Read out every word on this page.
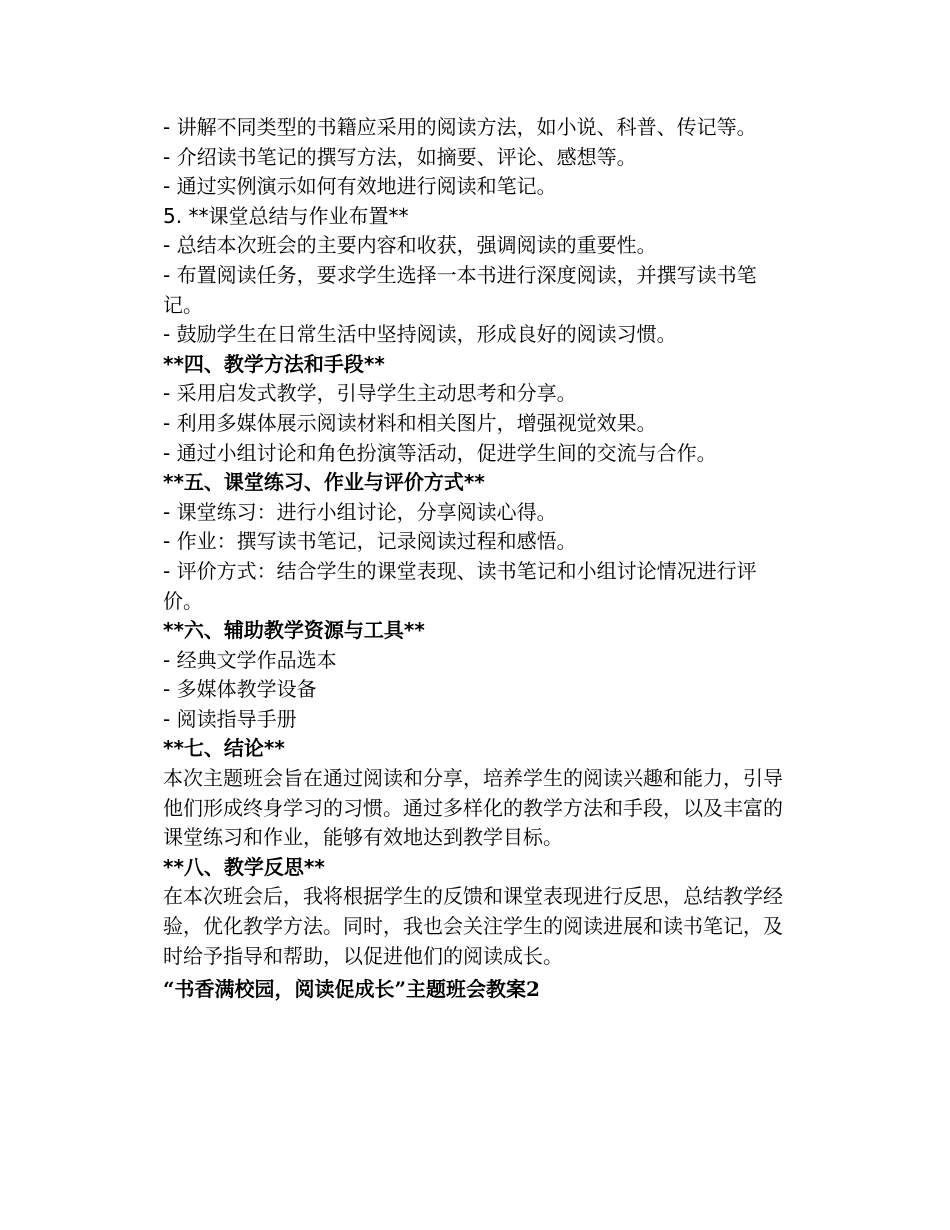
- 讲解不同类型的书籍应采用的阅读方法，如小说、科普、传记等。
- 介绍读书笔记的撰写方法，如摘要、评论、感想等。
- 通过实例演示如何有效地进行阅读和笔记。
5. **课堂总结与作业布置**
- 总结本次班会的主要内容和收获，强调阅读的重要性。
- 布置阅读任务，要求学生选择一本书进行深度阅读，并撰写读书笔记。
- 鼓励学生在日常生活中坚持阅读，形成良好的阅读习惯。
**四、教学方法和手段**
- 采用启发式教学，引导学生主动思考和分享。
- 利用多媒体展示阅读材料和相关图片，增强视觉效果。
- 通过小组讨论和角色扮演等活动，促进学生间的交流与合作。
**五、课堂练习、作业与评价方式**
- 课堂练习：进行小组讨论，分享阅读心得。
- 作业：撰写读书笔记，记录阅读过程和感悟。
- 评价方式：结合学生的课堂表现、读书笔记和小组讨论情况进行评价。
**六、辅助教学资源与工具**
- 经典文学作品选本
- 多媒体教学设备
- 阅读指导手册
**七、结论**
本次主题班会旨在通过阅读和分享，培养学生的阅读兴趣和能力，引导他们形成终身学习的习惯。通过多样化的教学方法和手段，以及丰富的课堂练习和作业，能够有效地达到教学目标。
**八、教学反思**
在本次班会后，我将根据学生的反馈和课堂表现进行反思，总结教学经验，优化教学方法。同时，我也会关注学生的阅读进展和读书笔记，及时给予指导和帮助，以促进他们的阅读成长。
“书香满校园，阅读促成长”主题班会教案2
